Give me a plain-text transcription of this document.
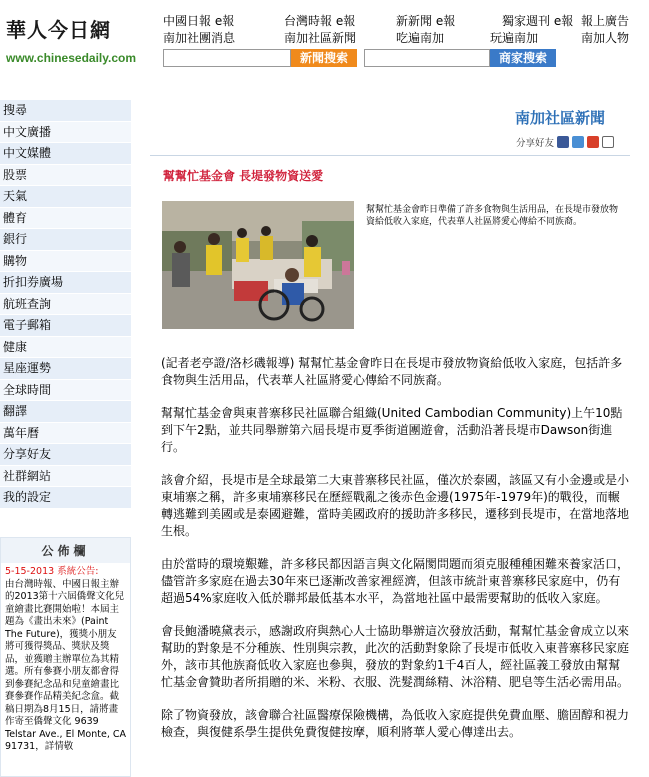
華人今日網
www.chinesedaily.com
中國日報 e報	台灣時報 e報	新新聞 e報	獨家週刊 e報 報上廣告
南加社團消息	南加社區新聞	吃遍南加	玩遍南加	南加人物
新聞搜索	商家搜索
搜尋
中文廣播
中文媒體
股票
天氣
體育
銀行
購物
折扣券廣場
航班查詢
電子郵箱
健康
星座運勢
全球時間
翻譯
萬年曆
分享好友
社群網站
我的設定
公佈欄
5-15-2013 系統公告:
由台灣時報、中國日報主辦的2013第十六屆僑聲文化兒童繪畫比賽開始啦！本屆主題為《畫出未來》(Paint The Future)，獲獎小朋友將可獲得獎品、獎狀及獎品，並獲贈主辦單位為其精選。所有參賽小朋友都會得到參賽紀念品和兒童繪畫比賽參賽作品精美紀念盒。截稿日期為8月15日，請將畫作寄至僑聲文化 9639 Telstar Ave., El Monte, CA 91731，詳情敬
南加社區新聞
分享好友
幫幫忙基金會 長堤發物資送愛
幫幫忙基金會昨日準備了許多食物與生活用品，在長堤市發放物資給低收入家庭，代表華人社區將愛心傳給不同族裔。

(記者老亭證/洛杉磯報導) 幫幫忙基金會昨日在長堤市發放物資給低收入家庭，包括許多食物與生活用品，代表華人社區將愛心傳給不同族裔。

幫幫忙基金會與東普寨移民社區聯合組織(United Cambodian Community)上午10點到下午2點，並共同舉辦第六屆長堤市夏季街道團遊會，活動沿著長堤市Dawson街進行。

該會介紹，長堤市是全球最第二大東普寨移民社區，僅次於泰國，該區又有小金邊或是小東埔寨之稱，許多東埔寨移民在歷經戰亂之後赤色金邊(1975年-1979年)的戰役，而輾轉逃難到美國或是泰國避難，當時美國政府的援助許多移民，遷移到長堤市，在當地落地生根。

由於當時的環境艱難，許多移民都因語言與文化隔閡問題而須克服種種困難來養家活口，儘管許多家庭在過去30年來已逐漸改善家裡經濟，但該市統計東普寨移民家庭中，仍有超過54%家庭收入低於聯邦最低基本水平，為當地社區中最需要幫助的低收入家庭。

會長鮑潘曉黛表示，感謝政府與熱心人士協助舉辦這次發放活動，幫幫忙基金會成立以來幫助的對象是不分種族、性別與宗教，此次的活動對象除了長堤市低收入東普寨移民家庭外，該市其他族裔低收入家庭也參與，發放的對象約1千4百人，經社區義工發放由幫幫忙基金會贊助者所捐贈的米、米粉、衣服、洗髮潤絲精、沐浴精、肥皂等生活必需用品。

除了物資發放，該會聯合社區醫療保險機構，為低收入家庭提供免費血壓、膽固醇和視力檢查，與復健系學生提供免費復健按摩，順利將華人愛心傳達出去。
